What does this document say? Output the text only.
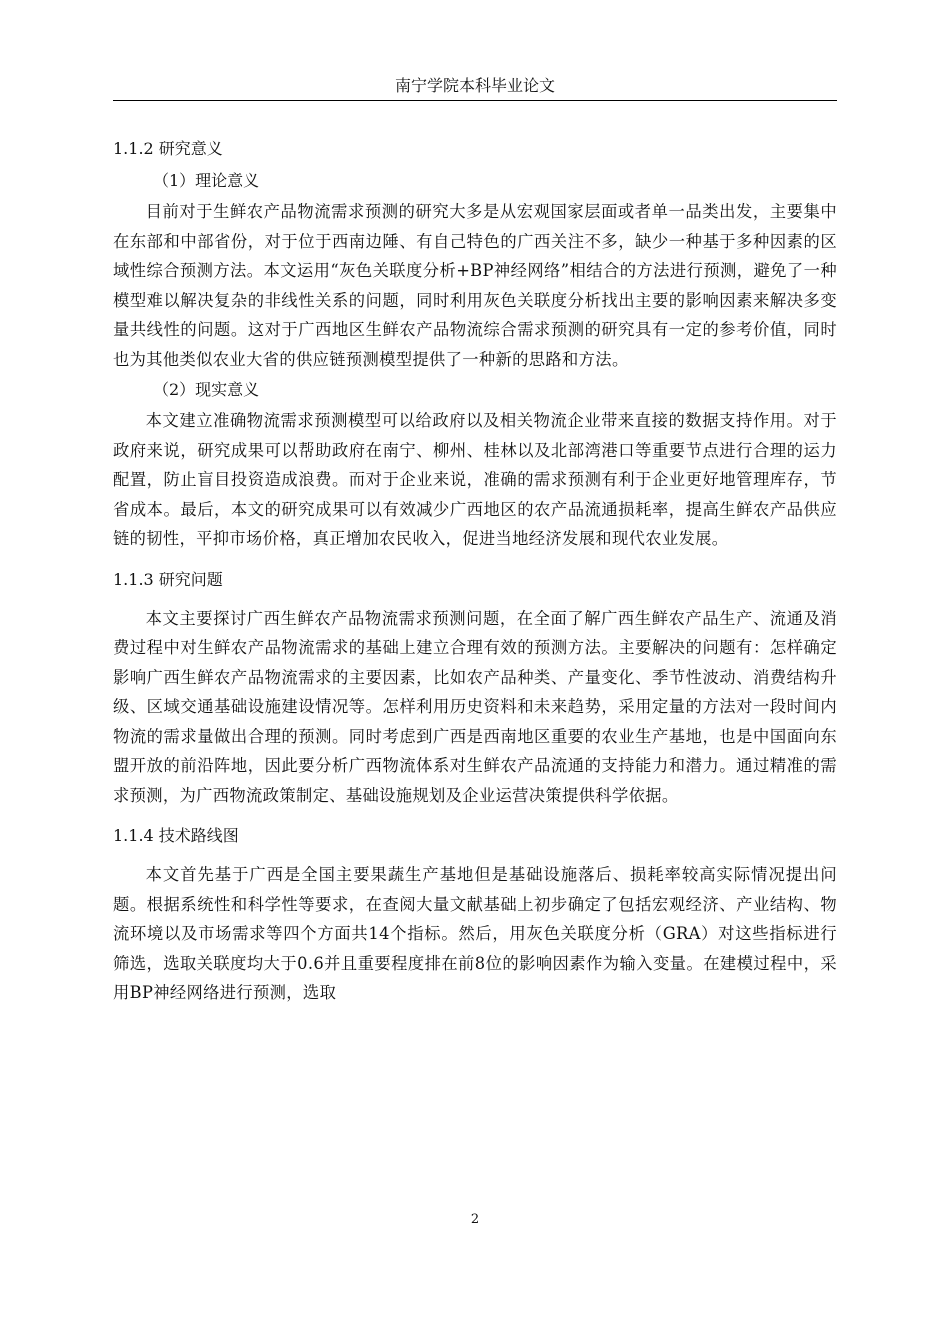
南宁学院本科毕业论文

1.1.2 研究意义

（1）理论意义

目前对于生鲜农产品物流需求预测的研究大多是从宏观国家层面或者单一品类出发，主要集中在东部和中部省份，对于位于西南边陲、有自己特色的广西关注不多，缺少一种基于多种因素的区域性综合预测方法。本文运用“灰色关联度分析+BP神经网络”相结合的方法进行预测，避免了一种模型难以解决复杂的非线性关系的问题，同时利用灰色关联度分析找出主要的影响因素来解决多变量共线性的问题。这对于广西地区生鲜农产品物流综合需求预测的研究具有一定的参考价值，同时也为其他类似农业大省的供应链预测模型提供了一种新的思路和方法。

（2）现实意义

本文建立准确物流需求预测模型可以给政府以及相关物流企业带来直接的数据支持作用。对于政府来说，研究成果可以帮助政府在南宁、柳州、桂林以及北部湾港口等重要节点进行合理的运力配置，防止盲目投资造成浪费。而对于企业来说，准确的需求预测有利于企业更好地管理库存，节省成本。最后，本文的研究成果可以有效减少广西地区的农产品流通损耗率，提高生鲜农产品供应链的韧性，平抑市场价格，真正增加农民收入，促进当地经济发展和现代农业发展。

1.1.3 研究问题

本文主要探讨广西生鲜农产品物流需求预测问题，在全面了解广西生鲜农产品生产、流通及消费过程中对生鲜农产品物流需求的基础上建立合理有效的预测方法。主要解决的问题有：怎样确定影响广西生鲜农产品物流需求的主要因素，比如农产品种类、产量变化、季节性波动、消费结构升级、区域交通基础设施建设情况等。怎样利用历史资料和未来趋势，采用定量的方法对一段时间内物流的需求量做出合理的预测。同时考虑到广西是西南地区重要的农业生产基地，也是中国面向东盟开放的前沿阵地，因此要分析广西物流体系对生鲜农产品流通的支持能力和潜力。通过精准的需求预测，为广西物流政策制定、基础设施规划及企业运营决策提供科学依据。

1.1.4 技术路线图

本文首先基于广西是全国主要果蔬生产基地但是基础设施落后、损耗率较高实际情况提出问题。根据系统性和科学性等要求，在查阅大量文献基础上初步确定了包括宏观经济、产业结构、物流环境以及市场需求等四个方面共14个指标。然后，用灰色关联度分析（GRA）对这些指标进行筛选，选取关联度均大于0.6并且重要程度排在前8位的影响因素作为输入变量。在建模过程中，采用BP神经网络进行预测，选取

2
